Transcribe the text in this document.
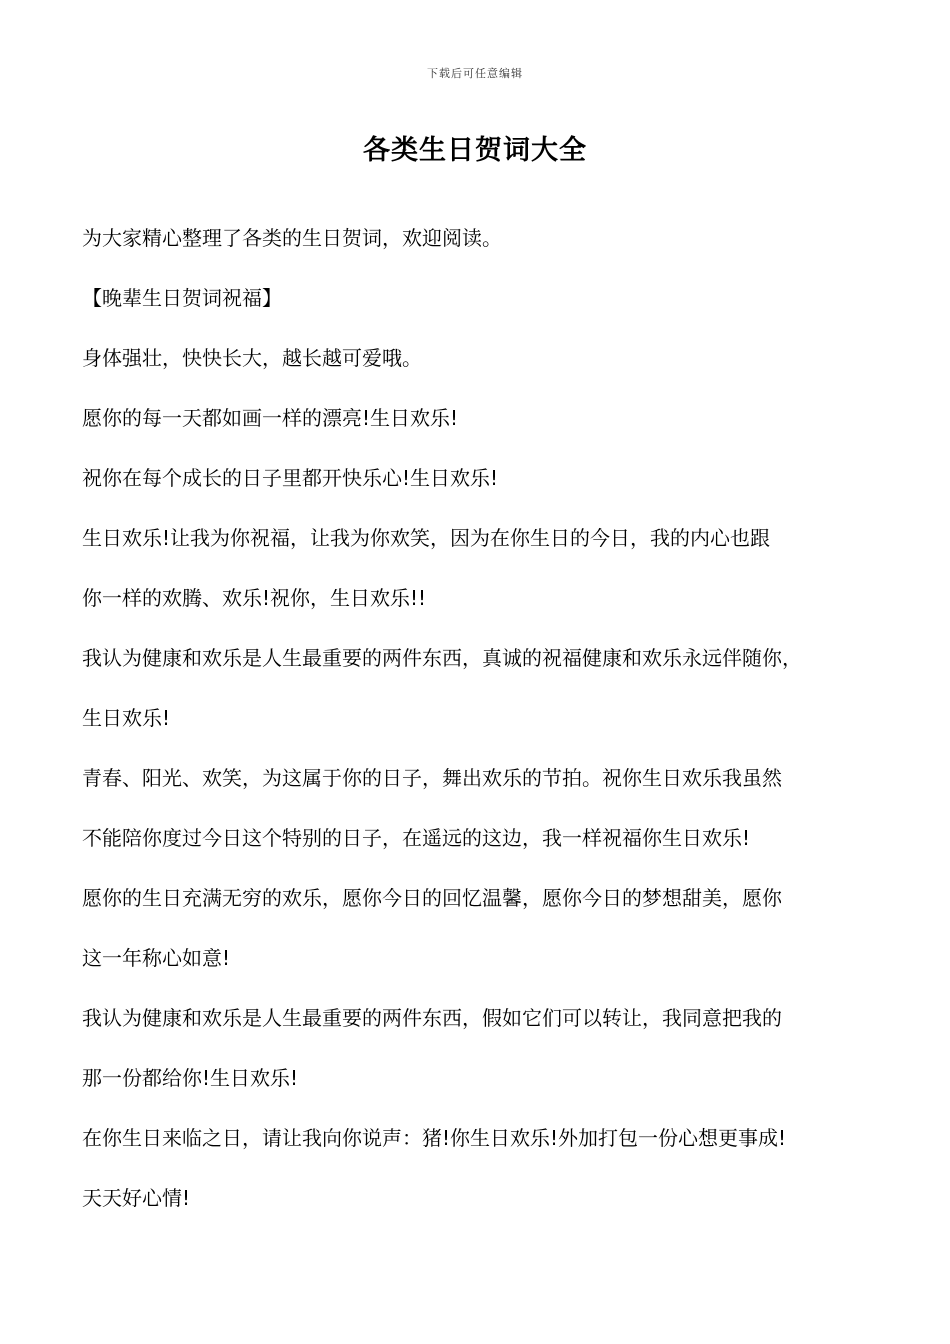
下载后可任意编辑
各类生日贺词大全
为大家精心整理了各类的生日贺词，欢迎阅读。
【晚辈生日贺词祝福】
身体强壮，快快长大，越长越可爱哦。
愿你的每一天都如画一样的漂亮!生日欢乐!
祝你在每个成长的日子里都开快乐心!生日欢乐!
生日欢乐!让我为你祝福，让我为你欢笑，因为在你生日的今日，我的内心也跟
你一样的欢腾、欢乐!祝你，生日欢乐!!
我认为健康和欢乐是人生最重要的两件东西，真诚的祝福健康和欢乐永远伴随你，
生日欢乐!
青春、阳光、欢笑，为这属于你的日子，舞出欢乐的节拍。祝你生日欢乐我虽然
不能陪你度过今日这个特别的日子，在遥远的这边，我一样祝福你生日欢乐!
愿你的生日充满无穷的欢乐，愿你今日的回忆温馨，愿你今日的梦想甜美，愿你
这一年称心如意!
我认为健康和欢乐是人生最重要的两件东西，假如它们可以转让，我同意把我的
那一份都给你!生日欢乐!
在你生日来临之日，请让我向你说声：猪!你生日欢乐!外加打包一份心想更事成!
天天好心情!
